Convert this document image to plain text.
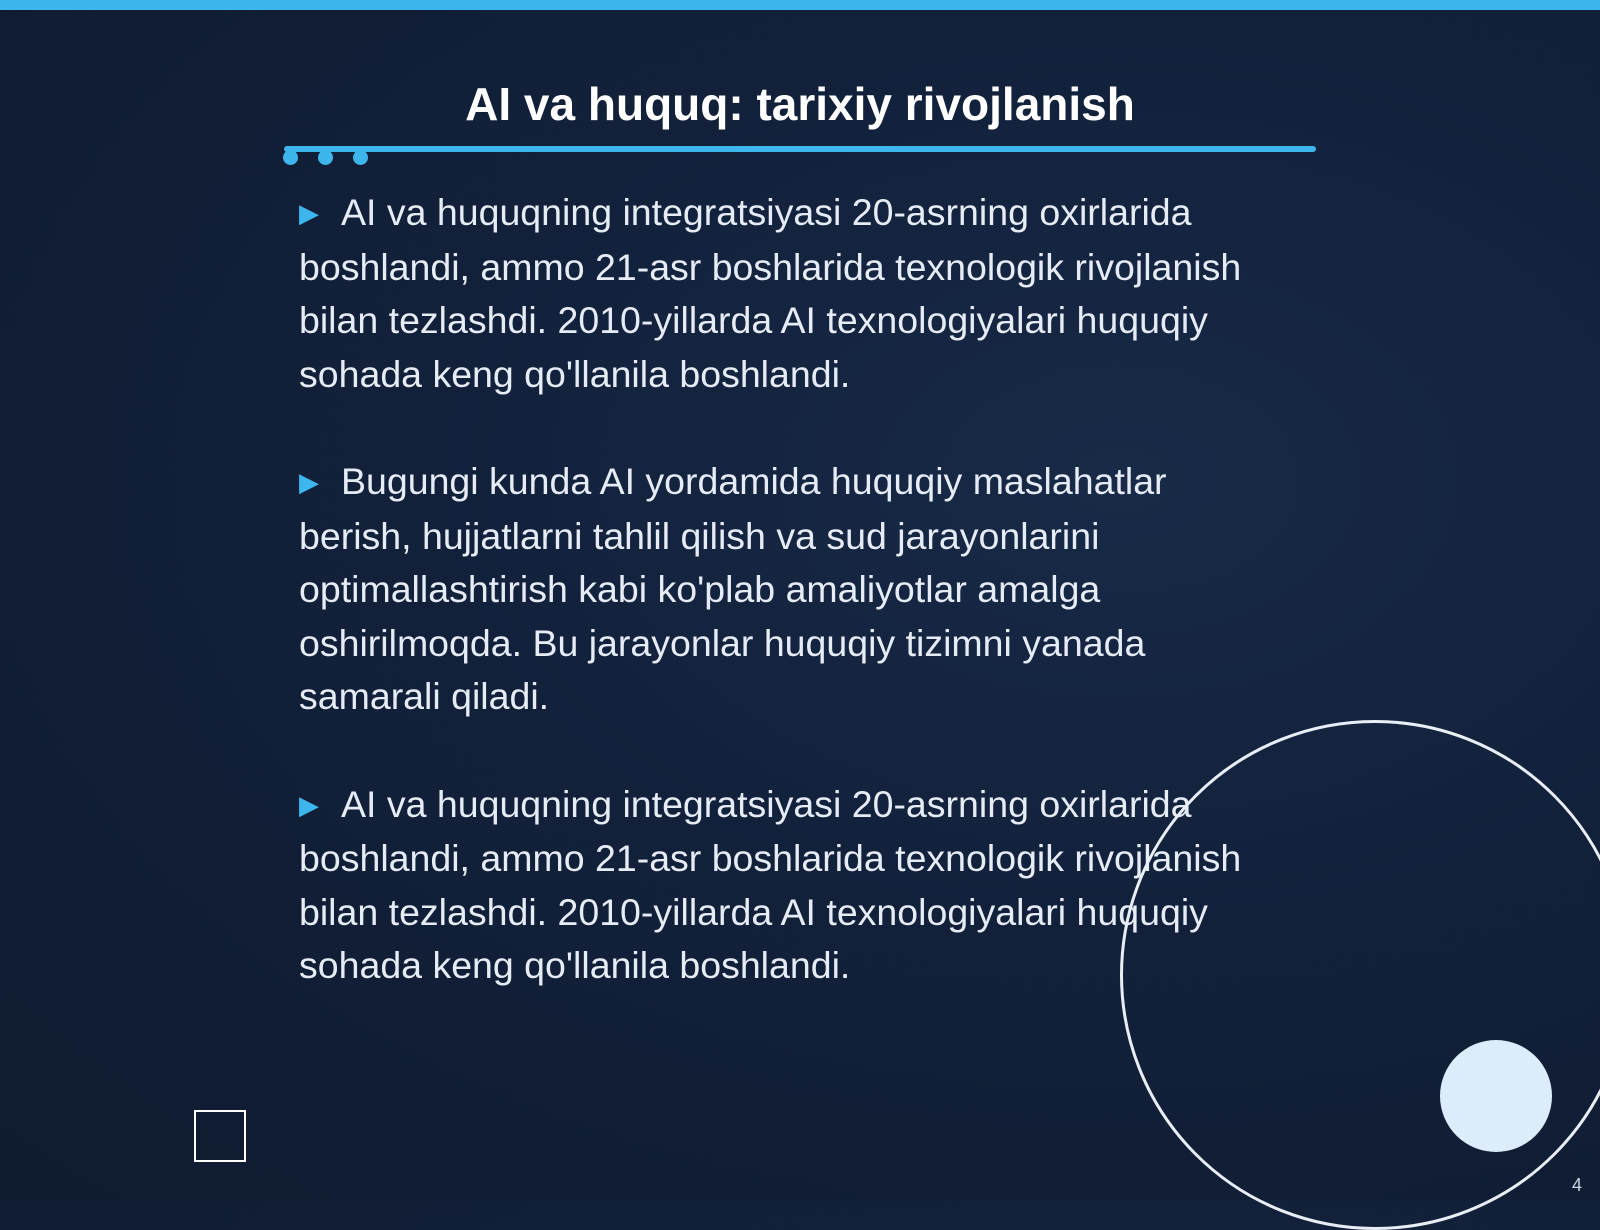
AI va huquq: tarixiy rivojlanish

▶ AI va huquqning integratsiyasi 20-asrning oxirlarida boshlandi, ammo 21-asr boshlarida texnologik rivojlanish bilan tezlashdi. 2010-yillarda AI texnologiyalari huquqiy sohada keng qo'llanila boshlandi.

▶ Bugungi kunda AI yordamida huquqiy maslahatlar berish, hujjatlarni tahlil qilish va sud jarayonlarini optimallashtirish kabi ko'plab amaliyotlar amalga oshirilmoqda. Bu jarayonlar huquqiy tizimni yanada samarali qiladi.

▶ AI va huquqning integratsiyasi 20-asrning oxirlarida boshlandi, ammo 21-asr boshlarida texnologik rivojlanish bilan tezlashdi. 2010-yillarda AI texnologiyalari huquqiy sohada keng qo'llanila boshlandi.

4
